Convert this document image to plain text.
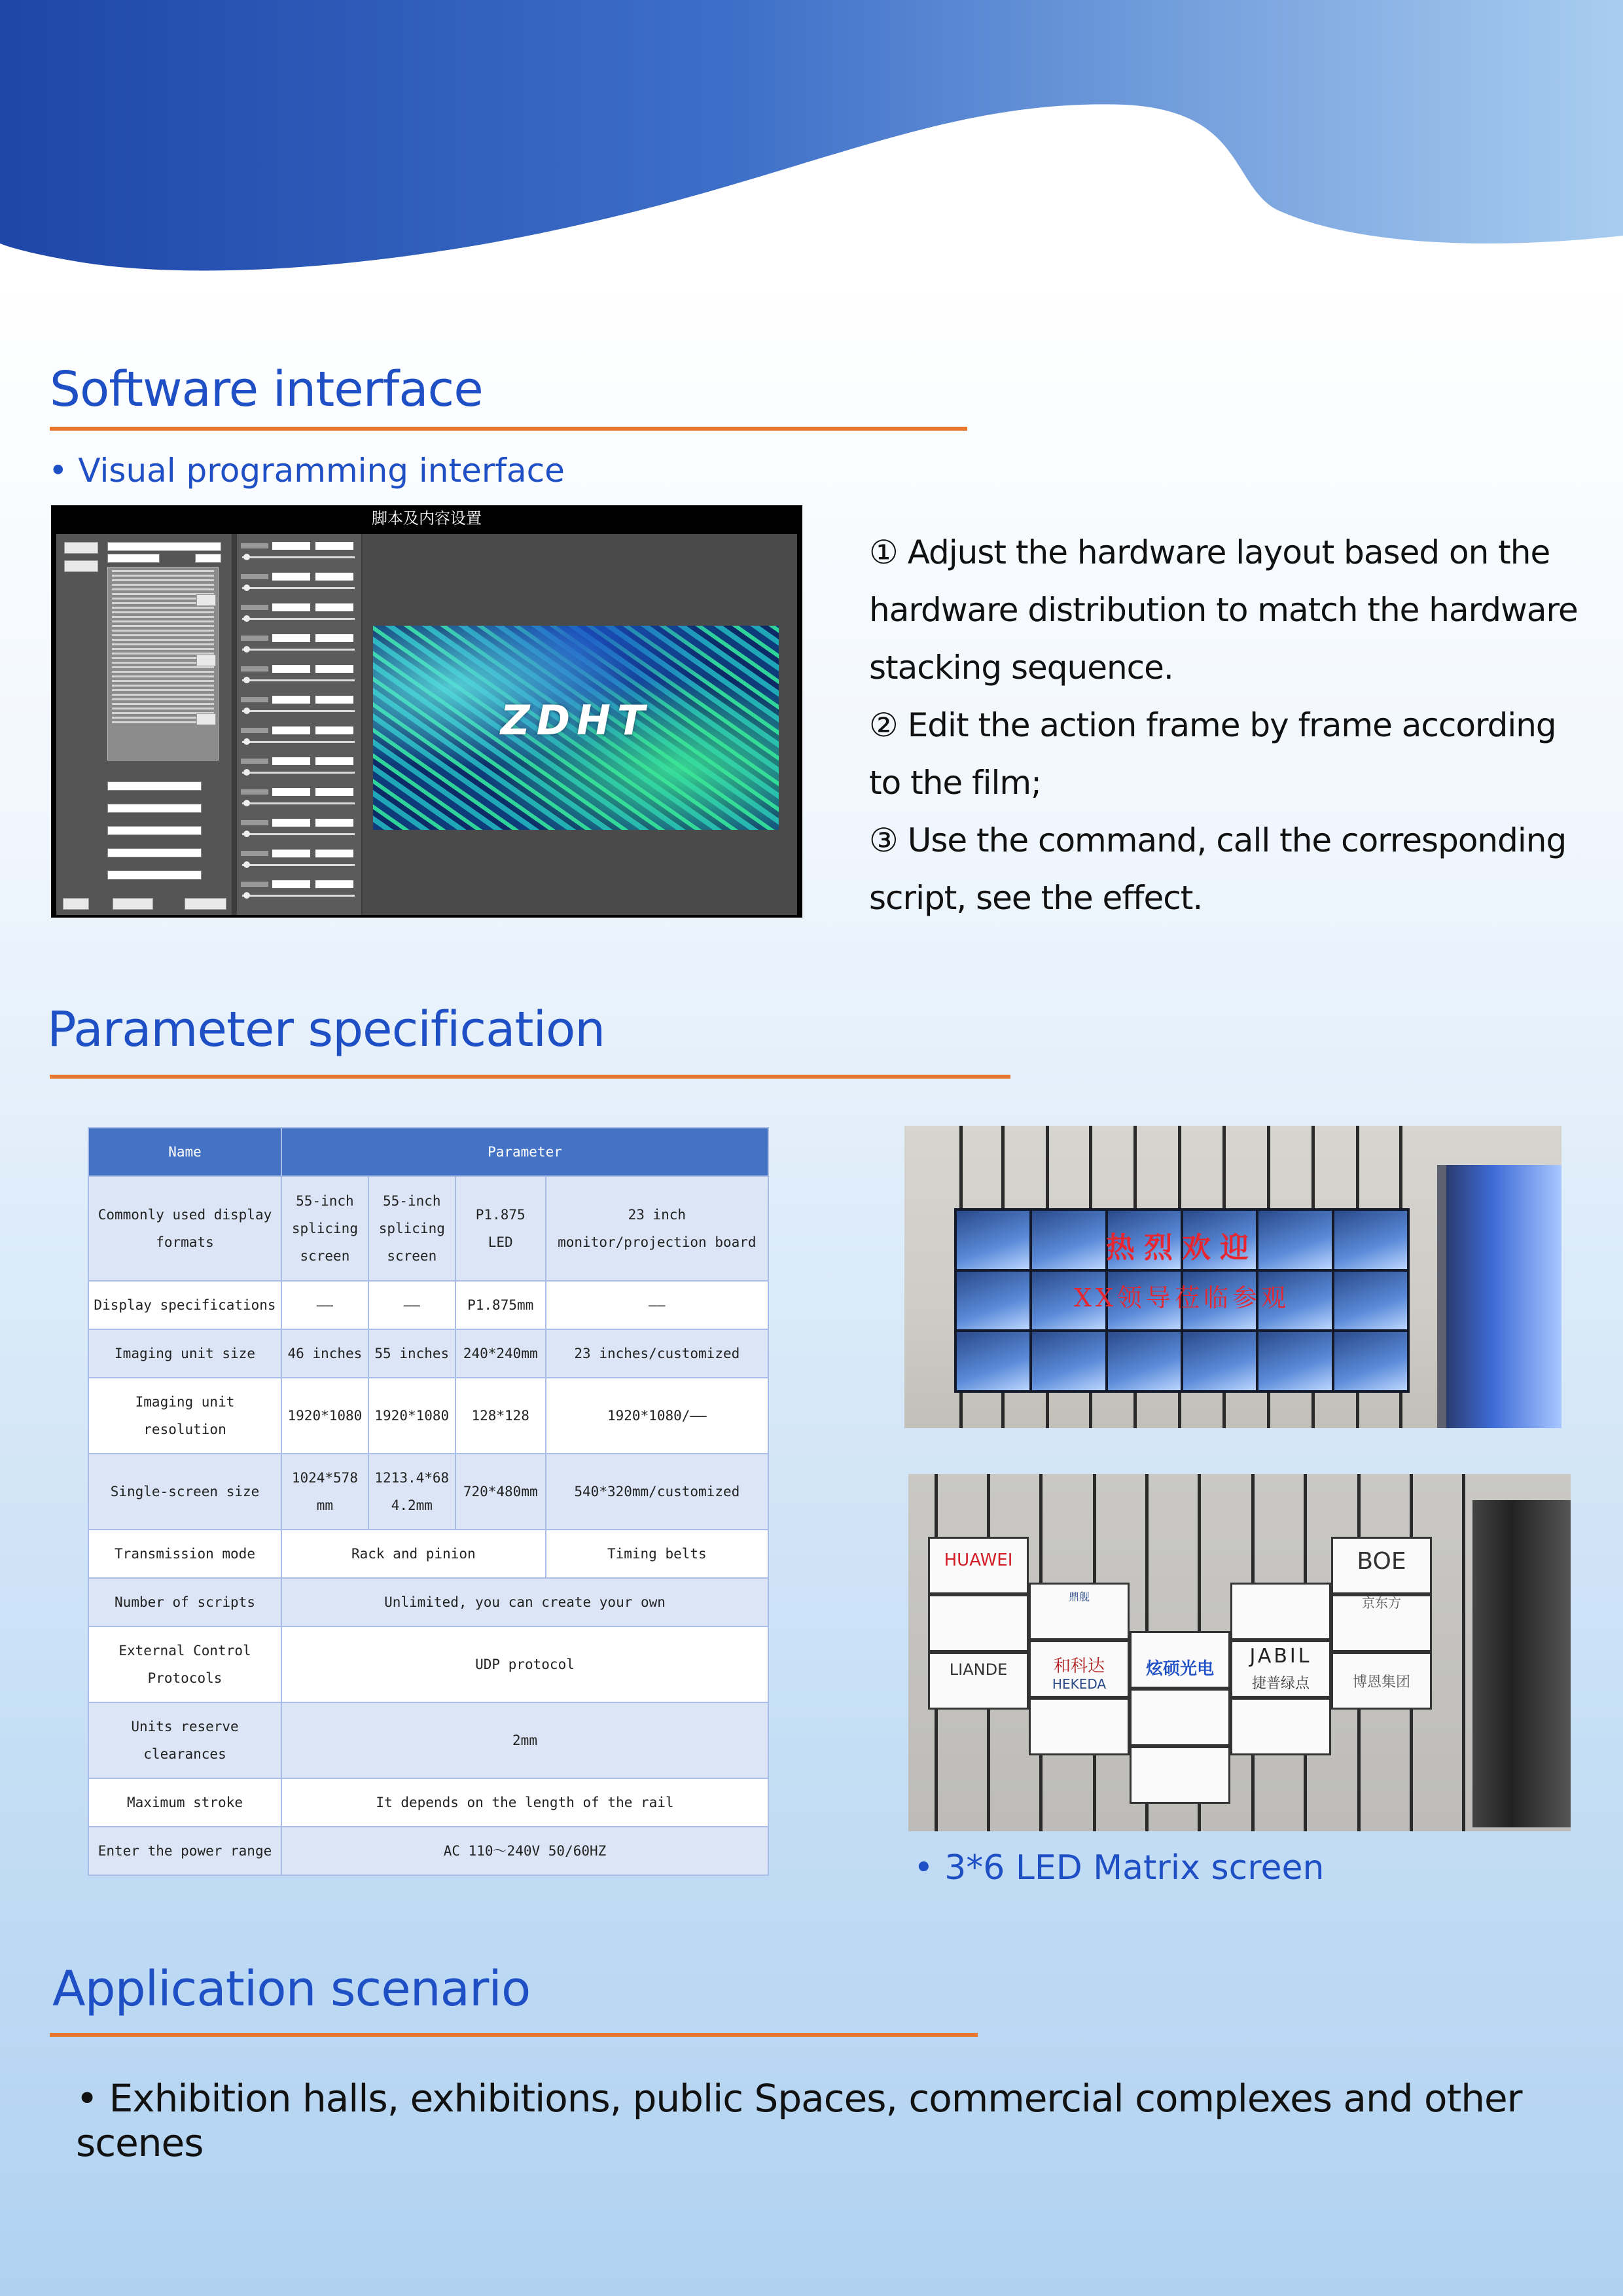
Software interface
• Visual programming interface
脚本及内容设置
ZDHT
① Adjust the hardware layout based on the
hardware distribution to match the hardware
stacking sequence.
② Edit the action frame by frame according
to the film;
③ Use the command, call the corresponding
script, see the effect.
Parameter specification
Name	Parameter			
Commonly used display formats	55-inch splicing screen	55-inch splicing screen	P1.875 LED	23 inch monitor/projection board
Display specifications	——	——	P1.875mm	——
Imaging unit size	46 inches	55 inches	240*240mm	23 inches/customized
Imaging unit resolution	1920*1080	1920*1080	128*128	1920*1080/——
Single-screen size	1024*578 mm	1213.4*684.2mm	720*480mm	540*320mm/customized
Transmission mode	Rack and pinion			Timing belts
Number of scripts	Unlimited, you can create your own			
External Control Protocols	UDP protocol			
Units reserve clearances	2mm			
Maximum stroke	It depends on the length of the rail			
Enter the power range	AC 110～240V 50/60HZ			
热烈欢迎
XX领导莅临参观
HUAWEI
LIANDE
鼎舰
和科达
HEKEDA
炫硕光电
JABIL
捷普绿点
BOE
京东方
博恩集团
• 3*6 LED Matrix screen
Application scenario
• Exhibition halls, exhibitions, public Spaces, commercial complexes and other scenes
